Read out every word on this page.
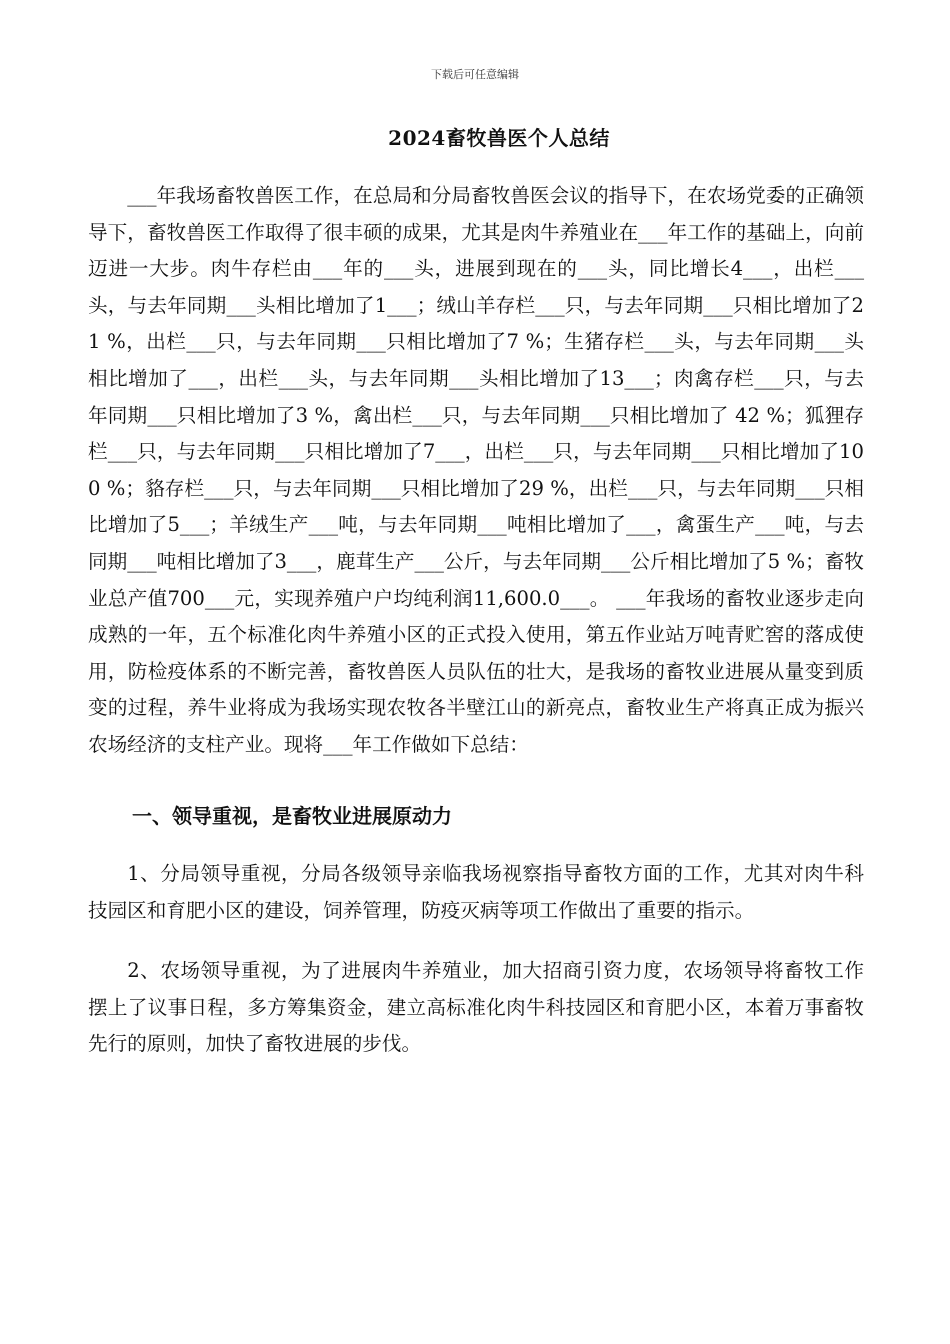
下载后可任意编辑
2024畜牧兽医个人总结

___年我场畜牧兽医工作，在总局和分局畜牧兽医会议的指导下，在农场党委的正确领导下，畜牧兽医工作取得了很丰硕的成果，尤其是肉牛养殖业在___年工作的基础上，向前迈进一大步。肉牛存栏由___年的___头，进展到现在的___头，同比增长4___，出栏___头，与去年同期___头相比增加了1___；绒山羊存栏___只，与去年同期___只相比增加了21 %，出栏___只，与去年同期___只相比增加了7 %；生猪存栏___头，与去年同期___头相比增加了___，出栏___头，与去年同期___头相比增加了13___；肉禽存栏___只，与去年同期___只相比增加了3 %，禽出栏___只，与去年同期___只相比增加了 42 %；狐狸存栏___只，与去年同期___只相比增加了7___，出栏___只，与去年同期___只相比增加了100 %；貉存栏___只，与去年同期___只相比增加了29 %，出栏___只，与去年同期___只相比增加了5___；羊绒生产___吨，与去年同期___吨相比增加了___，禽蛋生产___吨，与去同期___吨相比增加了3___，鹿茸生产___公斤，与去年同期___公斤相比增加了5 %；畜牧业总产值700___元，实现养殖户户均纯利润11,600.0___。 ___年我场的畜牧业逐步走向成熟的一年，五个标准化肉牛养殖小区的正式投入使用，第五作业站万吨青贮窖的落成使用，防检疫体系的不断完善，畜牧兽医人员队伍的壮大，是我场的畜牧业进展从量变到质变的过程，养牛业将成为我场实现农牧各半壁江山的新亮点，畜牧业生产将真正成为振兴农场经济的支柱产业。现将___年工作做如下总结：

一、领导重视，是畜牧业进展原动力

1、分局领导重视，分局各级领导亲临我场视察指导畜牧方面的工作，尤其对肉牛科技园区和育肥小区的建设，饲养管理，防疫灭病等项工作做出了重要的指示。

2、农场领导重视，为了进展肉牛养殖业，加大招商引资力度，农场领导将畜牧工作摆上了议事日程，多方筹集资金，建立高标准化肉牛科技园区和育肥小区，本着万事畜牧先行的原则，加快了畜牧进展的步伐。
